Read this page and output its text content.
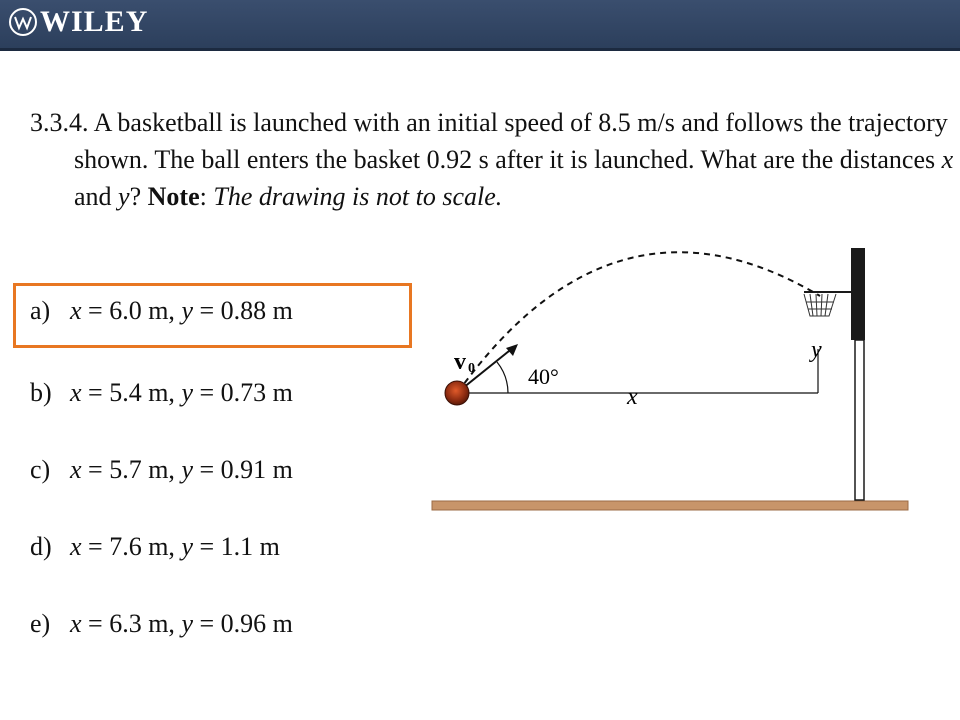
WILEY
3.3.4. A basketball is launched with an initial speed of 8.5 m/s and follows the trajectory shown. The ball enters the basket 0.92 s after it is launched. What are the distances x and y? Note: The drawing is not to scale.
a) x = 6.0 m, y = 0.88 m
b) x = 5.4 m, y = 0.73 m
c) x = 5.7 m, y = 0.91 m
d) x = 7.6 m, y = 1.1 m
e) x = 6.3 m, y = 0.96 m
v 0 40°
x
y
